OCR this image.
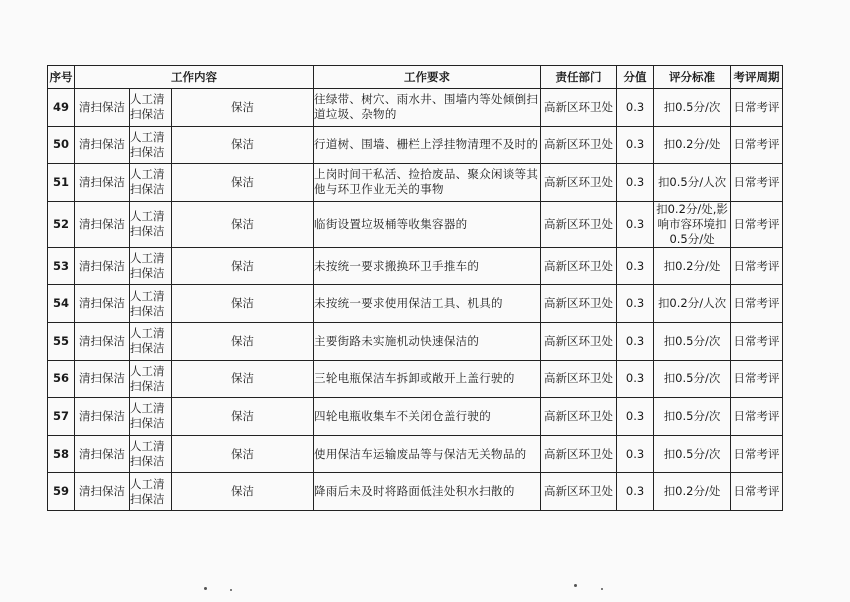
序号	工作内容			工作要求	责任部门	分值	评分标准	考评周期
49	清扫保洁	人工清扫保洁	保洁	往绿带、树穴、雨水井、围墙内等处倾倒扫道垃圾、杂物的	高新区环卫处	0.3	扣0.5分/次	日常考评
50	清扫保洁	人工清扫保洁	保洁	行道树、围墙、栅栏上浮挂物清理不及时的	高新区环卫处	0.3	扣0.2分/处	日常考评
51	清扫保洁	人工清扫保洁	保洁	上岗时间干私活、捡拾废品、聚众闲谈等其他与环卫作业无关的事物	高新区环卫处	0.3	扣0.5分/人次	日常考评
52	清扫保洁	人工清扫保洁	保洁	临街设置垃圾桶等收集容器的	高新区环卫处	0.3	扣0.2分/处,影响市容环境扣0.5分/处	日常考评
53	清扫保洁	人工清扫保洁	保洁	未按统一要求搬换环卫手推车的	高新区环卫处	0.3	扣0.2分/处	日常考评
54	清扫保洁	人工清扫保洁	保洁	未按统一要求使用保洁工具、机具的	高新区环卫处	0.3	扣0.2分/人次	日常考评
55	清扫保洁	人工清扫保洁	保洁	主要街路未实施机动快速保洁的	高新区环卫处	0.3	扣0.5分/次	日常考评
56	清扫保洁	人工清扫保洁	保洁	三轮电瓶保洁车拆卸或敞开上盖行驶的	高新区环卫处	0.3	扣0.5分/次	日常考评
57	清扫保洁	人工清扫保洁	保洁	四轮电瓶收集车不关闭仓盖行驶的	高新区环卫处	0.3	扣0.5分/次	日常考评
58	清扫保洁	人工清扫保洁	保洁	使用保洁车运输废品等与保洁无关物品的	高新区环卫处	0.3	扣0.5分/次	日常考评
59	清扫保洁	人工清扫保洁	保洁	降雨后未及时将路面低洼处积水扫散的	高新区环卫处	0.3	扣0.2分/处	日常考评
